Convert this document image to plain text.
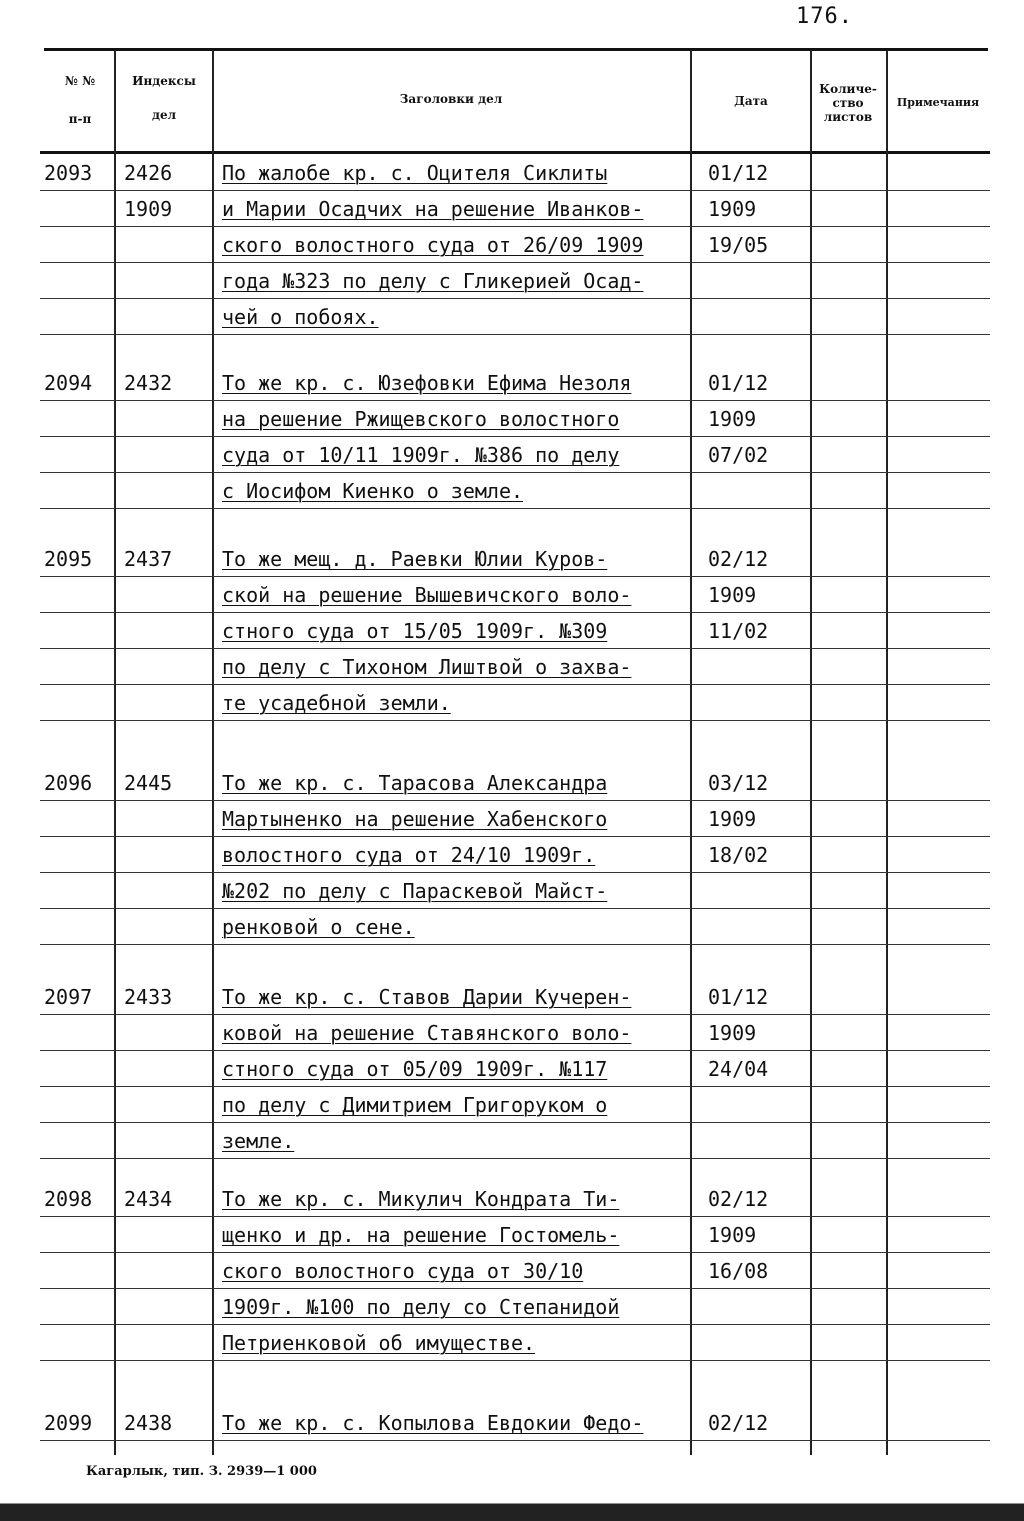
176.
№ №
п-п
Индексы
дел
Заголовки дел	Дата
Количе-
ство
листов
Примечания
2093 2426
1909
По жалобе кр. с. Оцителя Сиклиты
и Марии Осадчих на решение Иванков-
ского волостного суда от 26/09 1909
года №323 по делу с Гликерией Осад-
чей о побоях.
01/12
1909
19/05
2094 2432 То же кр. с. Юзефовки Ефима Незоля
на решение Ржищевского волостного
суда от 10/11 1909г. №386 по делу
с Иосифом Киенко о земле.
01/12
1909
07/02
2095 2437 То же мещ. д. Раевки Юлии Куров-
ской на решение Вышевичского воло-
стного суда от 15/05 1909г. №309
по делу с Тихоном Лиштвой о захва-
те усадебной земли.
02/12
1909
11/02
2096 2445 То же кр. с. Тарасова Александра
Мартыненко на решение Хабенского
волостного суда от 24/10 1909г.
№202 по делу с Параскевой Майст-
ренковой о сене.
03/12
1909
18/02
2097 2433 То же кр. с. Ставов Дарии Кучерен-
ковой на решение Ставянского воло-
стного суда от 05/09 1909г. №117
по делу с Димитрием Григоруком о
земле.
01/12
1909
24/04
2098 2434 То же кр. с. Микулич Кондрата Ти-
щенко и др. на решение Гостомель-
ского волостного суда от 30/10
1909г. №100 по делу со Степанидой
Петриенковой об имуществе.
02/12
1909
16/08
2099 2438 То же кр. с. Копылова Евдокии Федо-	02/12
Кагарлык, тип. З. 2939—1 000
